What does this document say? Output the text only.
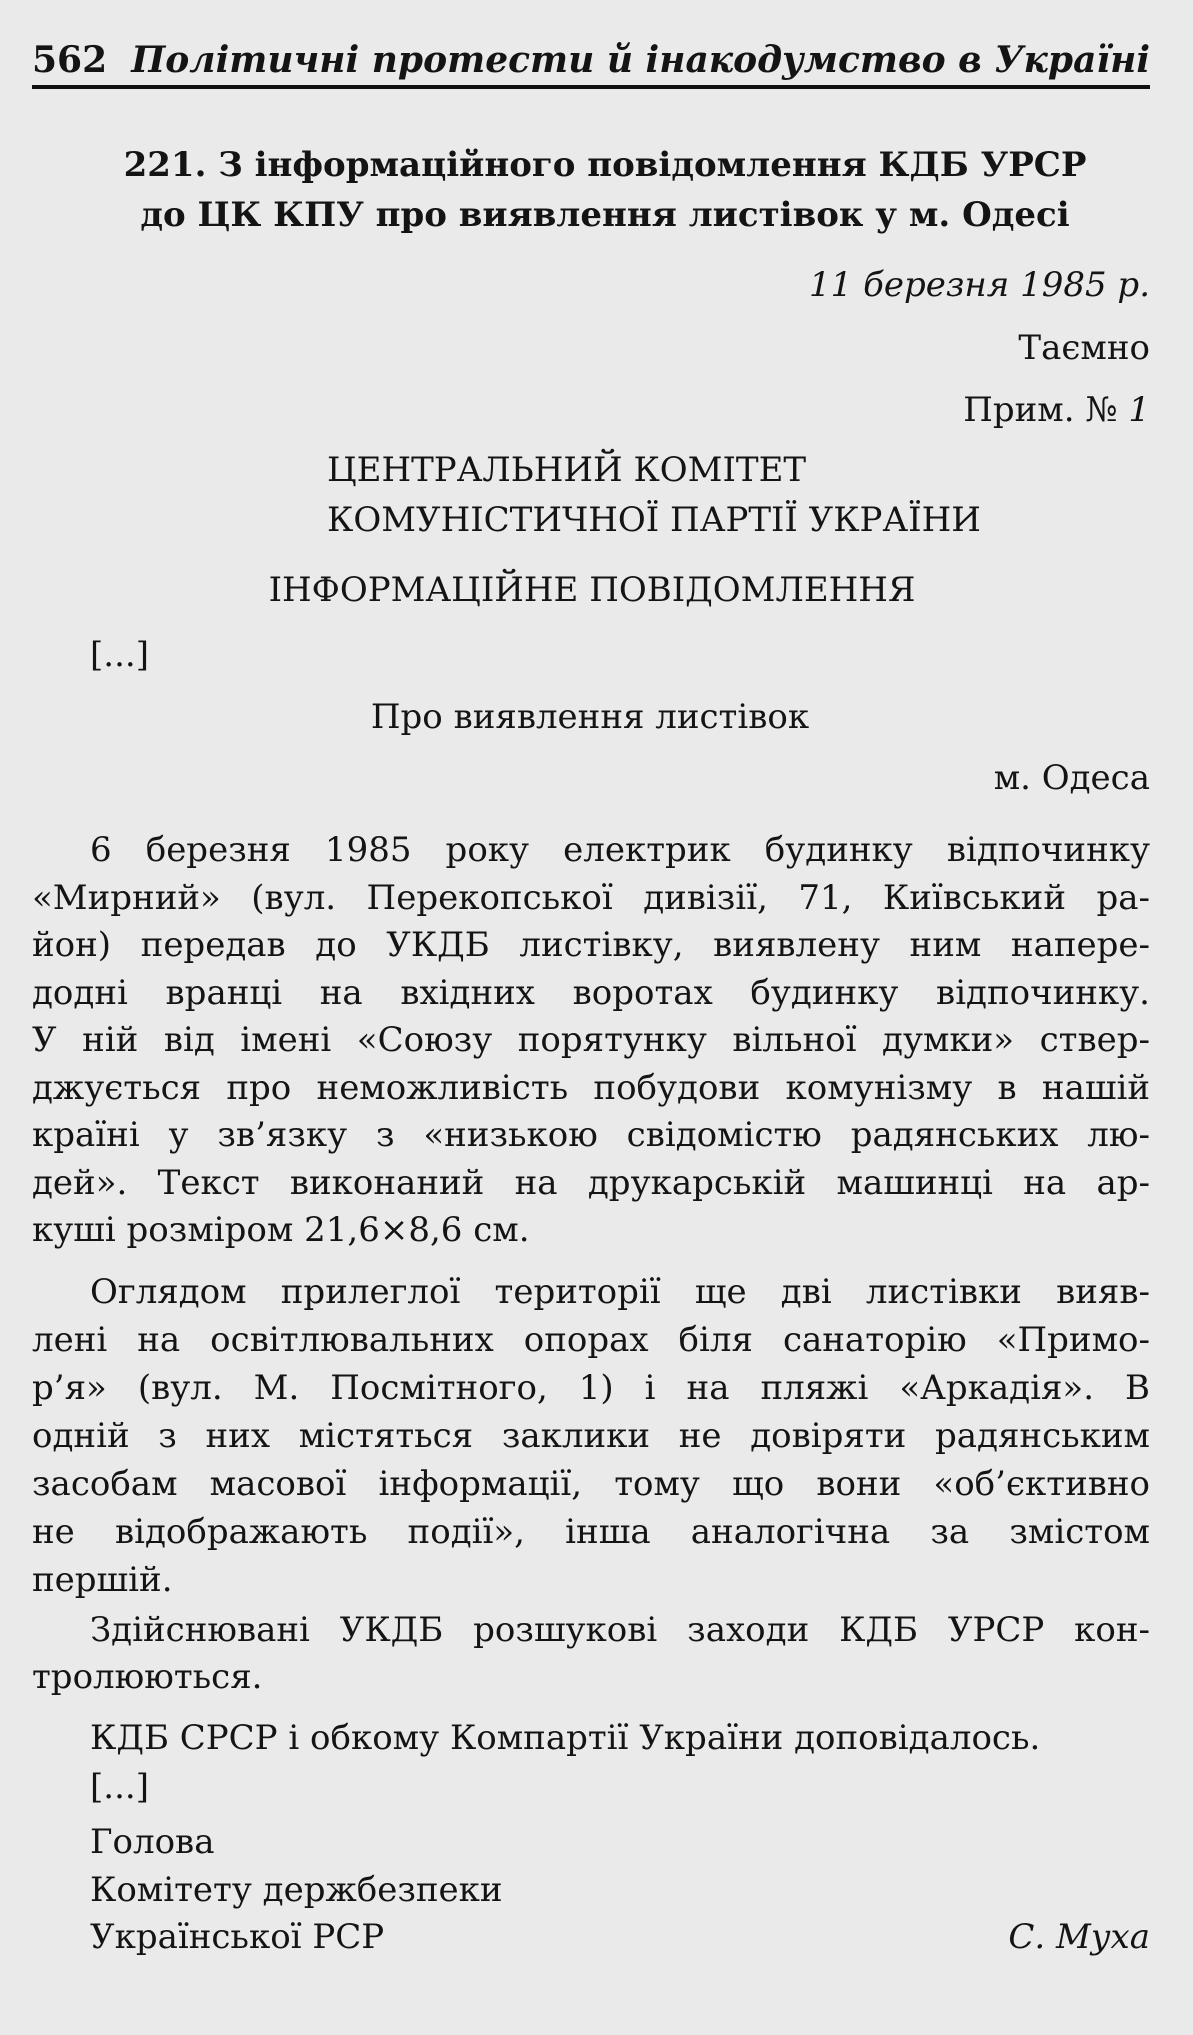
562 Політичні протести й інакодумство в Україні
221. З інформаційного повідомлення КДБ УРСР
до ЦК КПУ про виявлення листівок у м. Одесі
11 березня 1985 р.
Таємно
Прим. № 1
ЦЕНТРАЛЬНИЙ КОМІТЕТ
КОМУНІСТИЧНОЇ ПАРТІЇ УКРАЇНИ
ІНФОРМАЦІЙНЕ ПОВІДОМЛЕННЯ
[...]
Про виявлення листівок
м. Одеса
6 березня 1985 року електрик будинку відпочинку
«Мирний» (вул. Перекопської дивізії, 71, Київський ра-
йон) передав до УКДБ листівку, виявлену ним напере-
додні вранці на вхідних воротах будинку відпочинку.
У ній від імені «Союзу порятунку вільної думки» ствер-
джується про неможливість побудови комунізму в нашій
країні у зв’язку з «низькою свідомістю радянських лю-
дей». Текст виконаний на друкарській машинці на ар-
куші розміром 21,6×8,6 см.
Оглядом прилеглої території ще дві листівки вияв-
лені на освітлювальних опорах біля санаторію «Примо-
р’я» (вул. М. Посмітного, 1) і на пляжі «Аркадія». В
одній з них містяться заклики не довіряти радянським
засобам масової інформації, тому що вони «об’єктивно
не відображають події», інша аналогічна за змістом
першій.
Здійснювані УКДБ розшукові заходи КДБ УРСР кон-
тролюються.
КДБ СРСР і обкому Компартії України доповідалось.
[...]
Голова
Комітету держбезпеки
Української РСР	С. Муха
